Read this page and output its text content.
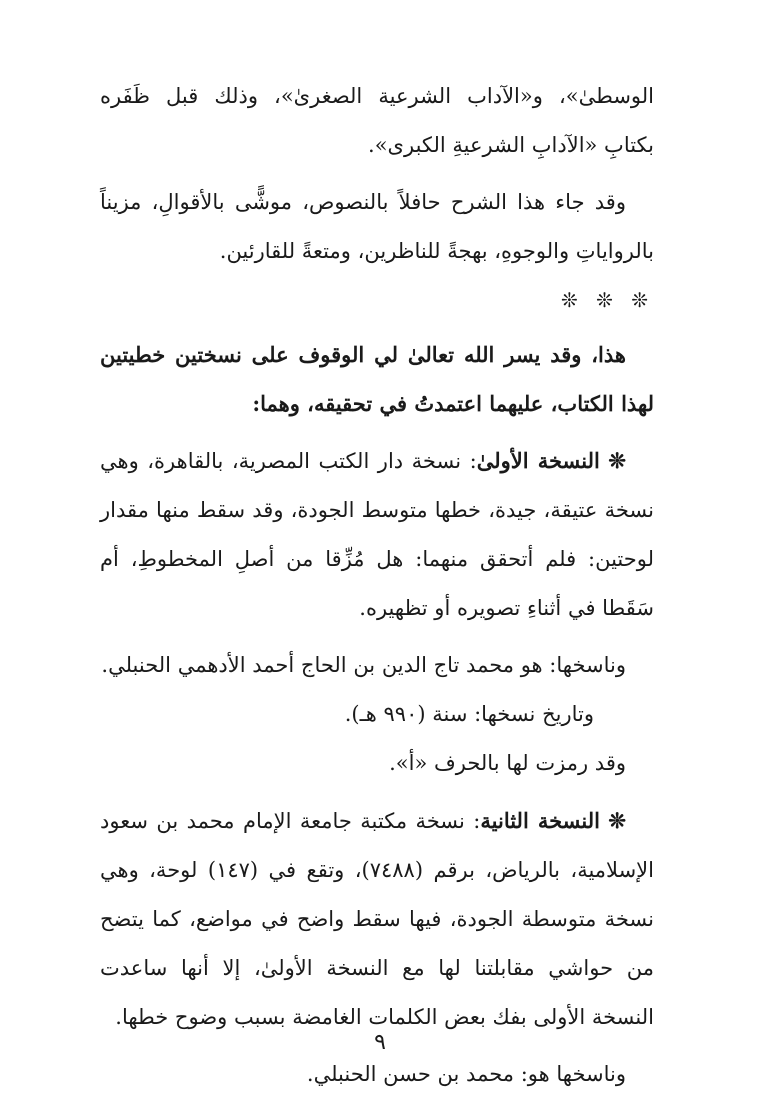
الوسطىٰ»، و«الآداب الشرعية الصغرىٰ»، وذلك قبل ظَفَره بكتابِ «الآدابِ الشرعيةِ الكبرى».

وقد جاء هذا الشرح حافلاً بالنصوص، موشًّى بالأقوالِ، مزيناً بالرواياتِ والوجوهِ، بهجةً للناظرين، ومتعةً للقارئين.

❊ ❊ ❊

هذا، وقد يسر الله تعالىٰ لي الوقوف على نسختين خطيتين لهذا الكتاب، عليهما اعتمدتُ في تحقيقه، وهما:

❊ النسخة الأولىٰ: نسخة دار الكتب المصرية، بالقاهرة، وهي نسخة عتيقة، جيدة، خطها متوسط الجودة، وقد سقط منها مقدار لوحتين: فلم أتحقق منهما: هل مُزِّقا من أصلِ المخطوطِ، أم سَقَطا في أثناءِ تصويره أو تظهيره.

وناسخها: هو محمد تاج الدين بن الحاج أحمد الأدهمي الحنبلي.

وتاريخ نسخها: سنة (٩٩٠ هـ).

وقد رمزت لها بالحرف «أ».

❊ النسخة الثانية: نسخة مكتبة جامعة الإمام محمد بن سعود الإسلامية، بالرياض، برقم (٧٤٨٨)، وتقع في (١٤٧) لوحة، وهي نسخة متوسطة الجودة، فيها سقط واضح في مواضع، كما يتضح من حواشي مقابلتنا لها مع النسخة الأولىٰ، إلا أنها ساعدت النسخة الأولى بفك بعض الكلمات الغامضة بسبب وضوح خطها.

وناسخها هو: محمد بن حسن الحنبلي.

٩
